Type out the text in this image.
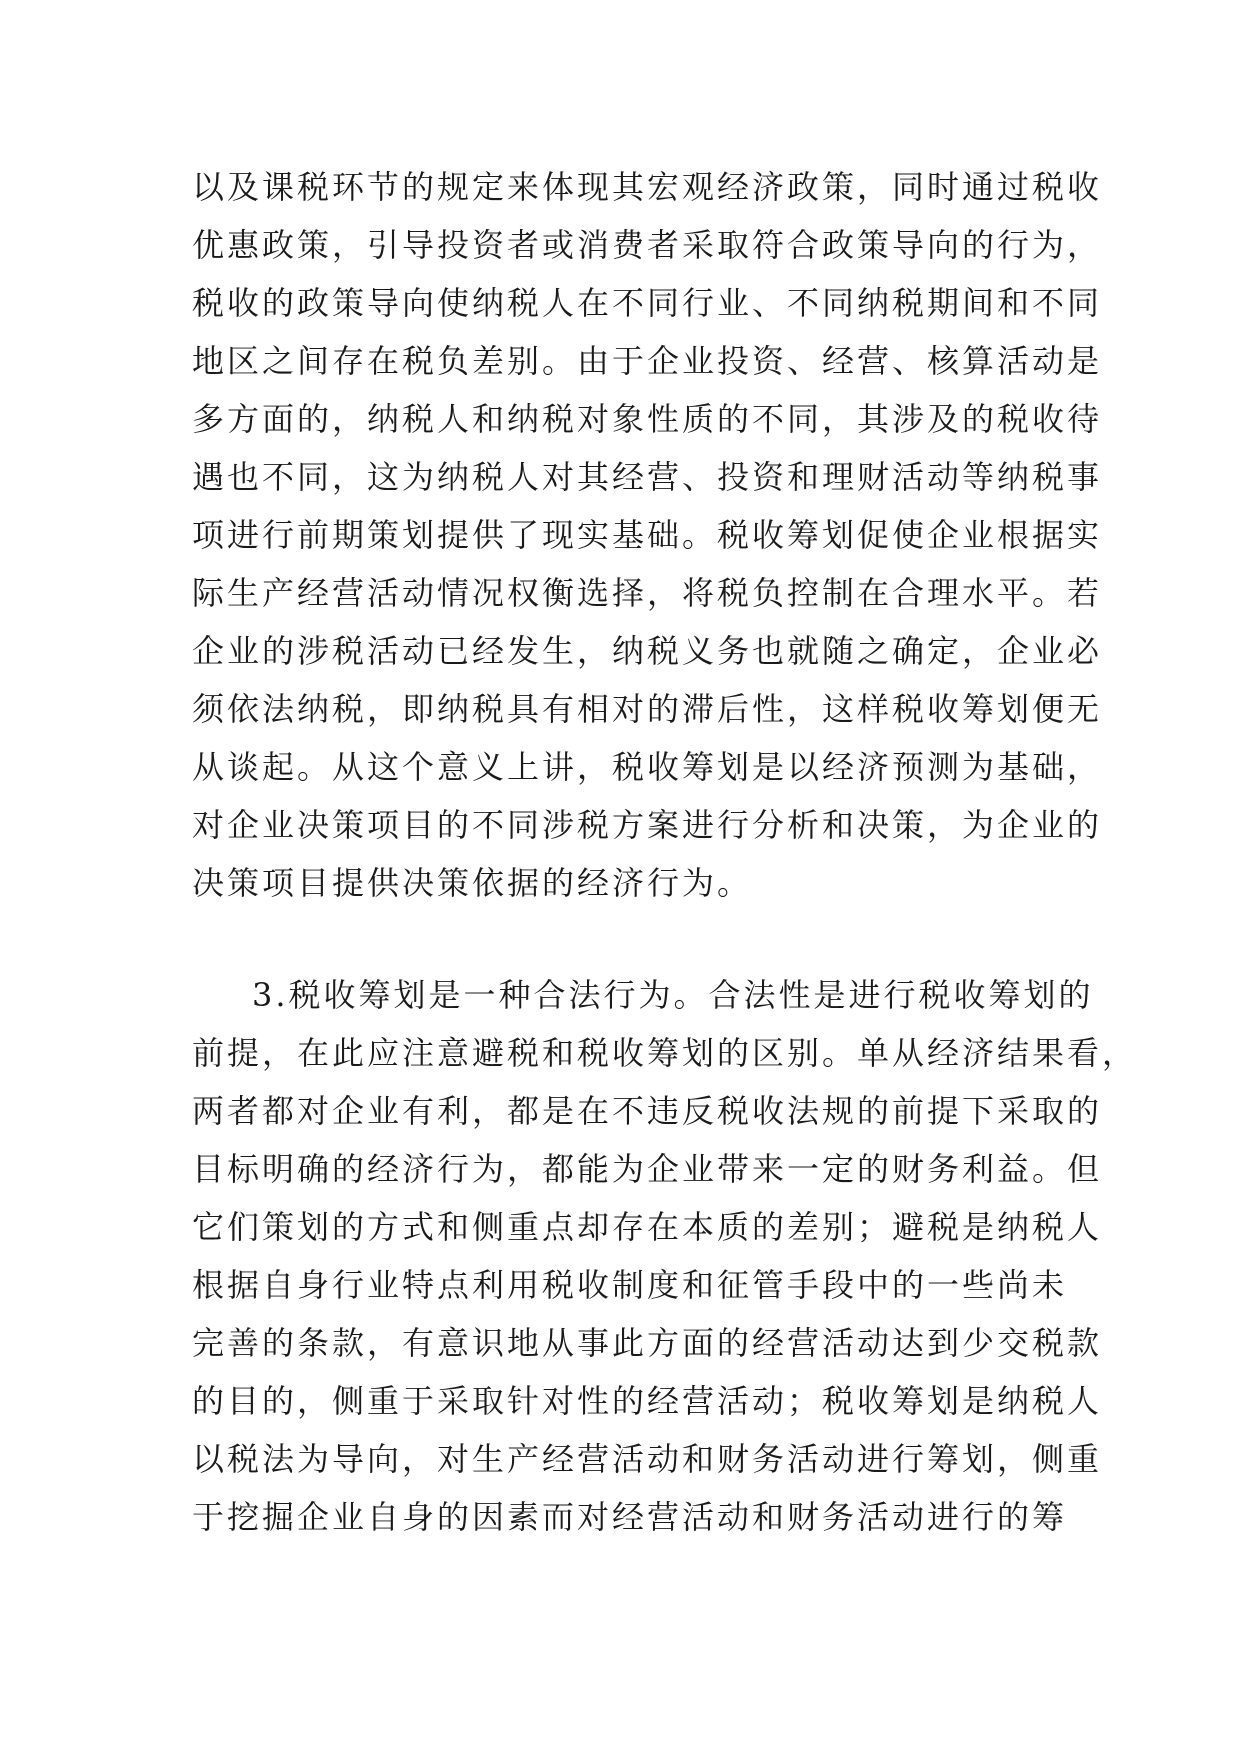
以及课税环节的规定来体现其宏观经济政策，同时通过税收
优惠政策，引导投资者或消费者采取符合政策导向的行为，
税收的政策导向使纳税人在不同行业、不同纳税期间和不同
地区之间存在税负差别。由于企业投资、经营、核算活动是
多方面的，纳税人和纳税对象性质的不同，其涉及的税收待
遇也不同，这为纳税人对其经营、投资和理财活动等纳税事
项进行前期策划提供了现实基础。税收筹划促使企业根据实
际生产经营活动情况权衡选择，将税负控制在合理水平。若
企业的涉税活动已经发生，纳税义务也就随之确定，企业必
须依法纳税，即纳税具有相对的滞后性，这样税收筹划便无
从谈起。从这个意义上讲，税收筹划是以经济预测为基础，
对企业决策项目的不同涉税方案进行分析和决策，为企业的
决策项目提供决策依据的经济行为。
3.税收筹划是一种合法行为。合法性是进行税收筹划的
前提，在此应注意避税和税收筹划的区别。单从经济结果看，
两者都对企业有利，都是在不违反税收法规的前提下采取的
目标明确的经济行为，都能为企业带来一定的财务利益。但
它们策划的方式和侧重点却存在本质的差别；避税是纳税人
根据自身行业特点利用税收制度和征管手段中的一些尚未
完善的条款，有意识地从事此方面的经营活动达到少交税款
的目的，侧重于采取针对性的经营活动；税收筹划是纳税人
以税法为导向，对生产经营活动和财务活动进行筹划，侧重
于挖掘企业自身的因素而对经营活动和财务活动进行的筹
